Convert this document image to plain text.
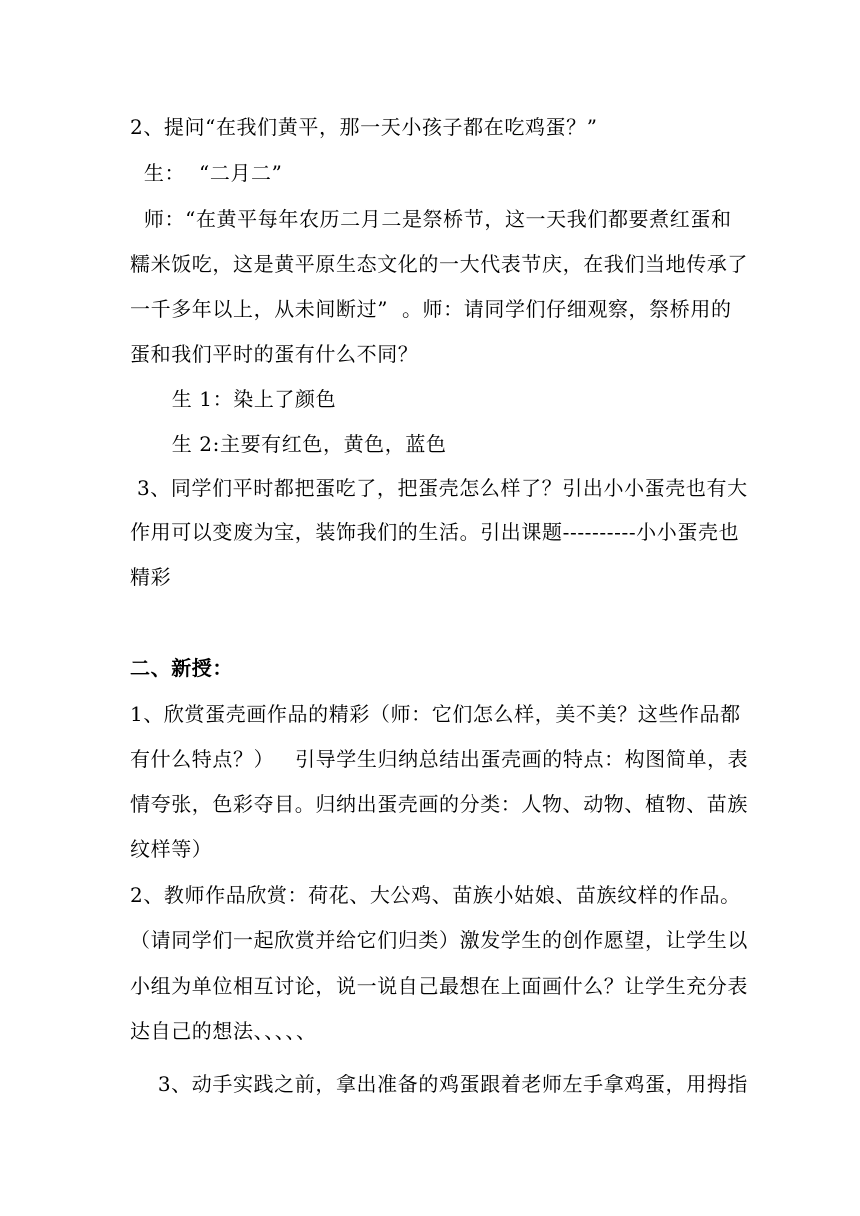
2、提问“在我们黄平，那一天小孩子都在吃鸡蛋？”
生：  “二月二”
师：“在黄平每年农历二月二是祭桥节，这一天我们都要煮红蛋和
糯米饭吃，这是黄平原生态文化的一大代表节庆，在我们当地传承了
一千多年以上，从未间断过”  。师：请同学们仔细观察，祭桥用的
蛋和我们平时的蛋有什么不同？
生 1：染上了颜色
生 2:主要有红色，黄色，蓝色
3、同学们平时都把蛋吃了，把蛋壳怎么样了？引出小小蛋壳也有大
作用可以变废为宝，装饰我们的生活。引出课题----------小小蛋壳也
精彩
二、新授：
1、欣赏蛋壳画作品的精彩（师：它们怎么样，美不美？这些作品都
有什么特点？）   引导学生归纳总结出蛋壳画的特点：构图简单，表
情夸张，色彩夺目。归纳出蛋壳画的分类：人物、动物、植物、苗族
纹样等）
2、教师作品欣赏：荷花、大公鸡、苗族小姑娘、苗族纹样的作品。
（请同学们一起欣赏并给它们归类）激发学生的创作愿望，让学生以
小组为单位相互讨论，说一说自己最想在上面画什么？让学生充分表
达自己的想法、、、、、
3、动手实践之前，拿出准备的鸡蛋跟着老师左手拿鸡蛋，用拇指
